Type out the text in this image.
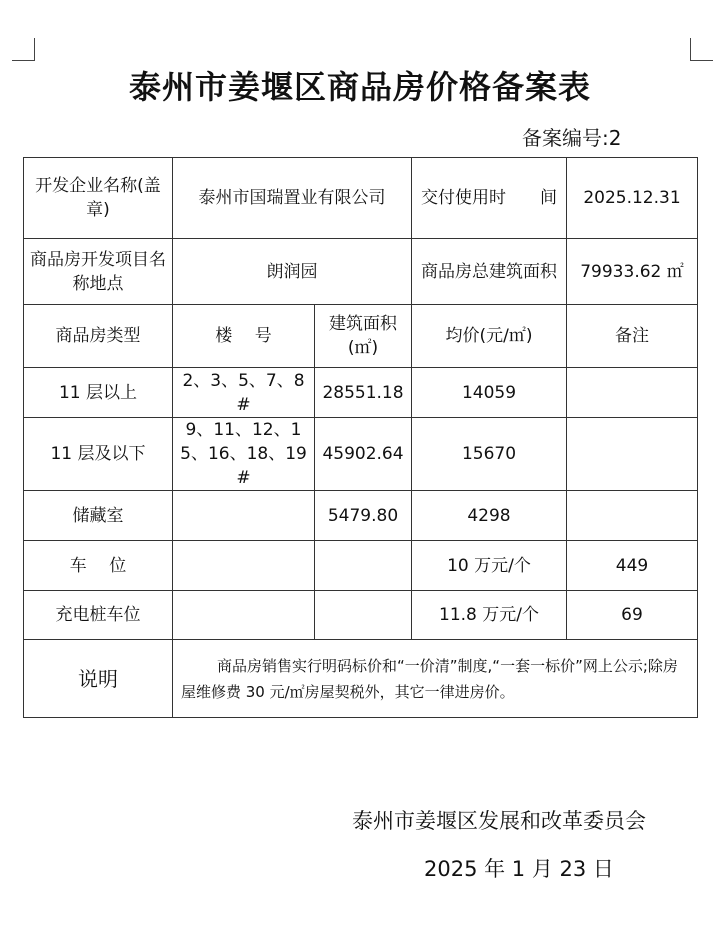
泰州市姜堰区商品房价格备案表
备案编号:2
开发企业名称(盖章)	泰州市国瑞置业有限公司		交付使用时　　间	2025.12.31
商品房开发项目名称地点	朗润园		商品房总建筑面积	79933.62 ㎡
商品房类型	楼　 号	建筑面积(㎡)	均价(元/㎡)	备注
11 层以上	2、3、5、7、8#	28551.18	14059	
11 层及以下	9、11、12、15、16、18、19#	45902.64	15670	
储藏室		5479.80	4298	
车　 位			10 万元/个	449
充电桩车位			11.8 万元/个	69
说明	商品房销售实行明码标价和“一价清”制度,“一套一标价”网上公示;除房屋维修费 30 元/㎡房屋契税外，其它一律进房价。			
泰州市姜堰区发展和改革委员会
2025 年 1 月 23 日
